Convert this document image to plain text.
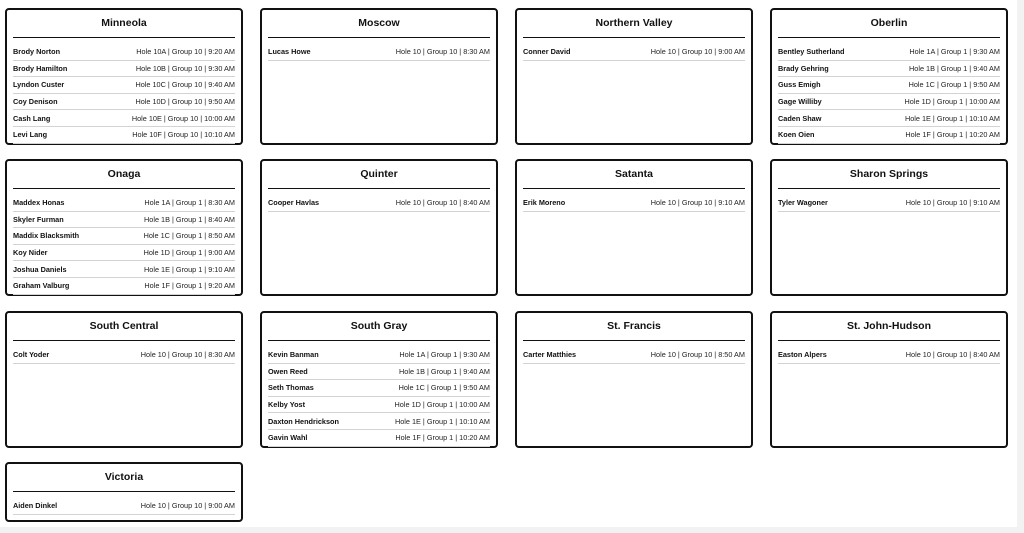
Minneola
Brody Norton	Hole 10A | Group 10 | 9:20 AM
Brody Hamilton	Hole 10B | Group 10 | 9:30 AM
Lyndon Custer	Hole 10C | Group 10 | 9:40 AM
Coy Denison	Hole 10D | Group 10 | 9:50 AM
Cash Lang	Hole 10E | Group 10 | 10:00 AM
Levi Lang	Hole 10F | Group 10 | 10:10 AM
Moscow
Lucas Howe	Hole 10 | Group 10 | 8:30 AM
Northern Valley
Conner David	Hole 10 | Group 10 | 9:00 AM
Oberlin
Bentley Sutherland	Hole 1A | Group 1 | 9:30 AM
Brady Gehring	Hole 1B | Group 1 | 9:40 AM
Guss Emigh	Hole 1C | Group 1 | 9:50 AM
Gage Williby	Hole 1D | Group 1 | 10:00 AM
Caden Shaw	Hole 1E | Group 1 | 10:10 AM
Koen Oien	Hole 1F | Group 1 | 10:20 AM
Onaga
Maddex Honas	Hole 1A | Group 1 | 8:30 AM
Skyler Furman	Hole 1B | Group 1 | 8:40 AM
Maddix Blacksmith	Hole 1C | Group 1 | 8:50 AM
Koy Nider	Hole 1D | Group 1 | 9:00 AM
Joshua Daniels	Hole 1E | Group 1 | 9:10 AM
Graham Valburg	Hole 1F | Group 1 | 9:20 AM
Quinter
Cooper Havlas	Hole 10 | Group 10 | 8:40 AM
Satanta
Erik Moreno	Hole 10 | Group 10 | 9:10 AM
Sharon Springs
Tyler Wagoner	Hole 10 | Group 10 | 9:10 AM
South Central
Colt Yoder	Hole 10 | Group 10 | 8:30 AM
South Gray
Kevin Banman	Hole 1A | Group 1 | 9:30 AM
Owen Reed	Hole 1B | Group 1 | 9:40 AM
Seth Thomas	Hole 1C | Group 1 | 9:50 AM
Kelby Yost	Hole 1D | Group 1 | 10:00 AM
Daxton Hendrickson	Hole 1E | Group 1 | 10:10 AM
Gavin Wahl	Hole 1F | Group 1 | 10:20 AM
St. Francis
Carter Matthies	Hole 10 | Group 10 | 8:50 AM
St. John-Hudson
Easton Alpers	Hole 10 | Group 10 | 8:40 AM
Victoria
Aiden Dinkel	Hole 10 | Group 10 | 9:00 AM
